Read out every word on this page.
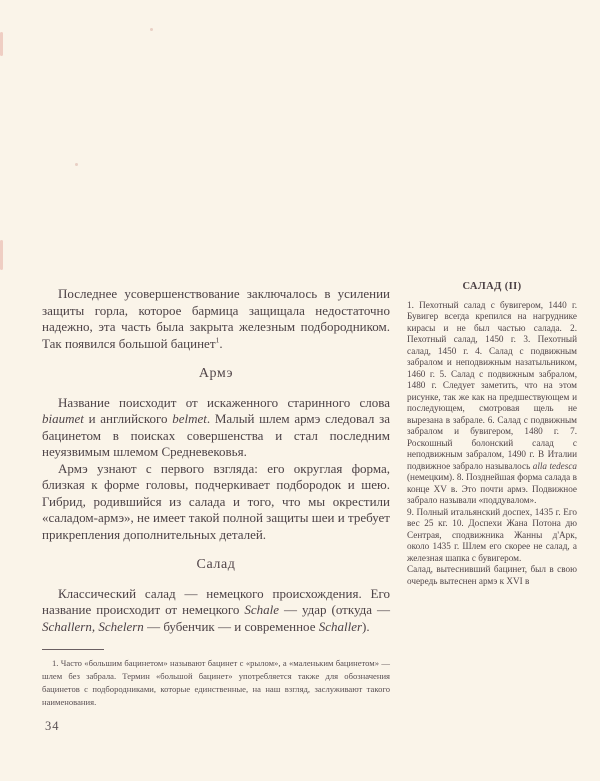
Последнее усовершенствование заключалось в усилении защиты горла, которое бармица защищала недостаточно надежно, эта часть была закрыта железным подбородником. Так появился большой бацинет$^1$.

Армэ

Название поисходит от искаженного старинного слова biaumet и английского belmet. Малый шлем армэ следовал за бацинетом в поисках совершенства и стал последним неуязвимым шлемом Средневековья.

Армэ узнают с первого взгляда: его округлая форма, близкая к форме головы, подчеркивает подбородок и шею. Гибрид, родившийся из салада и того, что мы окрестили «саладом-армэ», не имеет такой полной защиты шеи и требует прикрепления дополнительных деталей.

Салад

Классический салад — немецкого происхождения. Его название происходит от немецкого Schale — удар (откуда — Schallern, Schelern — бубенчик — и современное Schaller).

САЛАД (II)

1. Пехотный салад с бувигером, 1440 г. Бувигер всегда крепился на нагруднике кирасы и не был частью салада. 2. Пехотный салад, 1450 г. 3. Пехотный салад, 1450 г. 4. Салад с подвижным забралом и неподвижным назатыльником, 1460 г. 5. Салад с подвижным забралом, 1480 г. Следует заметить, что на этом рисунке, так же как на предшествующем и последующем, смотровая щель не вырезана в забрале. 6. Салад с подвижным забралом и бувигером, 1480 г. 7. Роскошный болонский салад с неподвижным забралом, 1490 г. В Италии подвижное забрало называлось alla tedesca (немецким). 8. Позднейшая форма салада в конце XV в. Это почти армэ. Подвижное забрало называли «поддувалом».

9. Полный итальянский доспех, 1435 г. Его вес 25 кг. 10. Доспехи Жана Потона дю Сентрая, сподвижника Жанны д'Арк, около 1435 г. Шлем его скорее не салад, а железная шапка с бувигером.

Салад, вытеснивший бацинет, был в свою очередь вытеснен армэ к XVI в

1. Часто «большим бацинетом» называют бацинет с «рылом», а «маленьким бацинетом» — шлем без забрала. Термин «большой бацинет» употребляется также для обозначения бацинетов с подбородниками, которые единственные, на наш взгляд, заслуживают такого наименования.

34
